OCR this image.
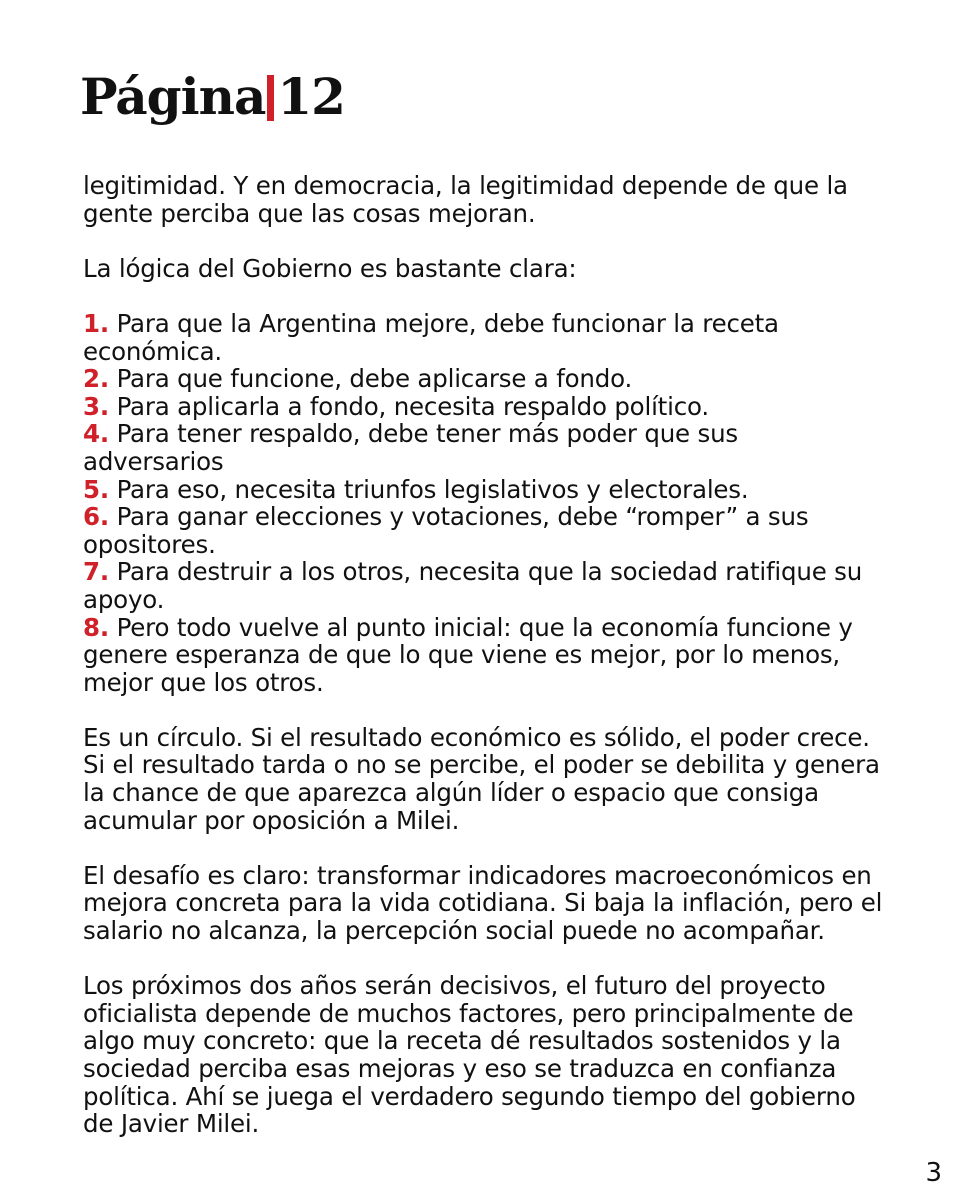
Página 12

legitimidad. Y en democracia, la legitimidad depende de que la gente perciba que las cosas mejoran.

La lógica del Gobierno es bastante clara:

1. Para que la Argentina mejore, debe funcionar la receta económica.
2. Para que funcione, debe aplicarse a fondo.
3. Para aplicarla a fondo, necesita respaldo político.
4. Para tener respaldo, debe tener más poder que sus adversarios
5. Para eso, necesita triunfos legislativos y electorales.
6. Para ganar elecciones y votaciones, debe “romper” a sus opositores.
7. Para destruir a los otros, necesita que la sociedad ratifique su apoyo.
8. Pero todo vuelve al punto inicial: que la economía funcione y genere esperanza de que lo que viene es mejor, por lo menos, mejor que los otros.

Es un círculo. Si el resultado económico es sólido, el poder crece. Si el resultado tarda o no se percibe, el poder se debilita y genera la chance de que aparezca algún líder o espacio que consiga acumular por oposición a Milei.

El desafío es claro: transformar indicadores macroeconómicos en mejora concreta para la vida cotidiana. Si baja la inflación, pero el salario no alcanza, la percepción social puede no acompañar.

Los próximos dos años serán decisivos, el futuro del proyecto oficialista depende de muchos factores, pero principalmente de algo muy concreto: que la receta dé resultados sostenidos y la sociedad perciba esas mejoras y eso se traduzca en confianza política. Ahí se juega el verdadero segundo tiempo del gobierno de Javier Milei.

3
